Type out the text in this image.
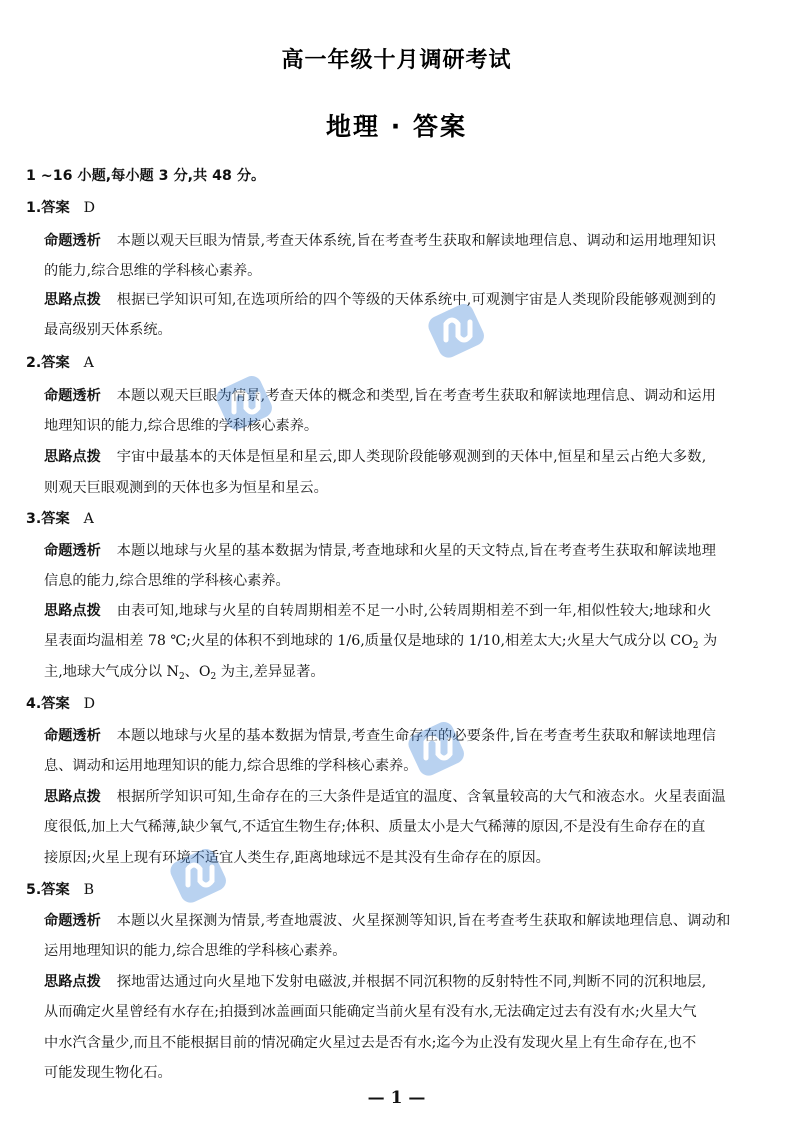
高一年级十月调研考试
地理 · 答案
1 ~16 小题,每小题 3 分,共 48 分。
1.答案 D
命题透析 本题以观天巨眼为情景,考查天体系统,旨在考查考生获取和解读地理信息、调动和运用地理知识
的能力,综合思维的学科核心素养。
思路点拨 根据已学知识可知,在选项所给的四个等级的天体系统中,可观测宇宙是人类现阶段能够观测到的
最高级别天体系统。
2.答案 A
命题透析 本题以观天巨眼为情景,考查天体的概念和类型,旨在考查考生获取和解读地理信息、调动和运用
地理知识的能力,综合思维的学科核心素养。
思路点拨 宇宙中最基本的天体是恒星和星云,即人类现阶段能够观测到的天体中,恒星和星云占绝大多数,
则观天巨眼观测到的天体也多为恒星和星云。
3.答案 A
命题透析 本题以地球与火星的基本数据为情景,考查地球和火星的天文特点,旨在考查考生获取和解读地理
信息的能力,综合思维的学科核心素养。
思路点拨 由表可知,地球与火星的自转周期相差不足一小时,公转周期相差不到一年,相似性较大;地球和火
星表面均温相差 78 ℃;火星的体积不到地球的 1/6,质量仅是地球的 1/10,相差太大;火星大气成分以 $CO_2$ 为
主,地球大气成分以 $N_2$、$O_2$ 为主,差异显著。
4.答案 D
命题透析 本题以地球与火星的基本数据为情景,考查生命存在的必要条件,旨在考查考生获取和解读地理信
息、调动和运用地理知识的能力,综合思维的学科核心素养。
思路点拨 根据所学知识可知,生命存在的三大条件是适宜的温度、含氧量较高的大气和液态水。火星表面温
度很低,加上大气稀薄,缺少氧气,不适宜生物生存;体积、质量太小是大气稀薄的原因,不是没有生命存在的直
接原因;火星上现有环境不适宜人类生存,距离地球远不是其没有生命存在的原因。
5.答案 B
命题透析 本题以火星探测为情景,考查地震波、火星探测等知识,旨在考查考生获取和解读地理信息、调动和
运用地理知识的能力,综合思维的学科核心素养。
思路点拨 探地雷达通过向火星地下发射电磁波,并根据不同沉积物的反射特性不同,判断不同的沉积地层,
从而确定火星曾经有水存在;拍摄到冰盖画面只能确定当前火星有没有水,无法确定过去有没有水;火星大气
中水汽含量少,而且不能根据目前的情况确定火星过去是否有水;迄今为止没有发现火星上有生命存在,也不
可能发现生物化石。
— 1 —
